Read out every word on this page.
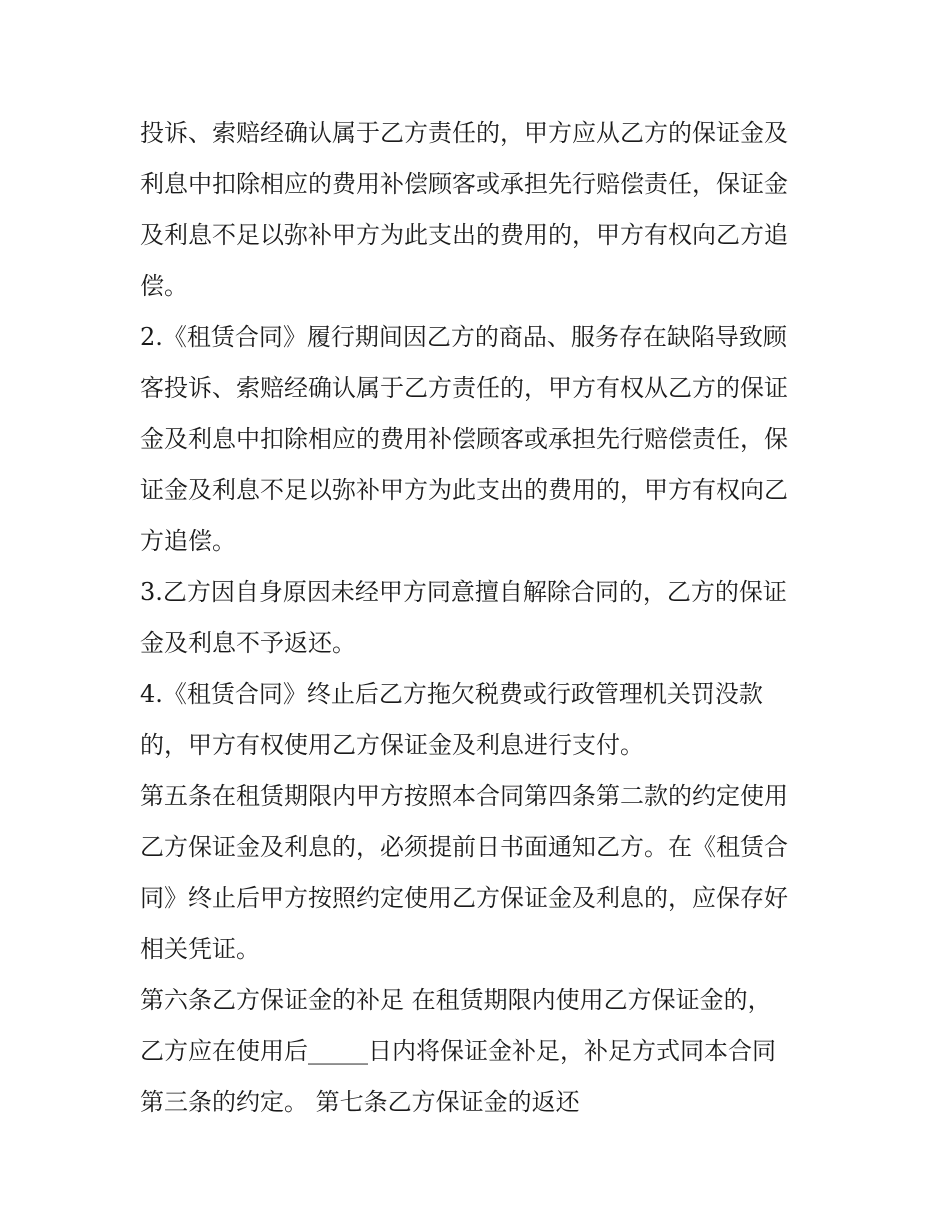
投诉、索赔经确认属于乙方责任的，甲方应从乙方的保证金及
利息中扣除相应的费用补偿顾客或承担先行赔偿责任，保证金
及利息不足以弥补甲方为此支出的费用的，甲方有权向乙方追
偿。
2.《租赁合同》履行期间因乙方的商品、服务存在缺陷导致顾
客投诉、索赔经确认属于乙方责任的，甲方有权从乙方的保证
金及利息中扣除相应的费用补偿顾客或承担先行赔偿责任，保
证金及利息不足以弥补甲方为此支出的费用的，甲方有权向乙
方追偿。
3.乙方因自身原因未经甲方同意擅自解除合同的，乙方的保证
金及利息不予返还。
4.《租赁合同》终止后乙方拖欠税费或行政管理机关罚没款
的，甲方有权使用乙方保证金及利息进行支付。
第五条在租赁期限内甲方按照本合同第四条第二款的约定使用
乙方保证金及利息的，必须提前日书面通知乙方。在《租赁合
同》终止后甲方按照约定使用乙方保证金及利息的，应保存好
相关凭证。
第六条乙方保证金的补足 在租赁期限内使用乙方保证金的，
乙方应在使用后_____日内将保证金补足，补足方式同本合同
第三条的约定。 第七条乙方保证金的返还
